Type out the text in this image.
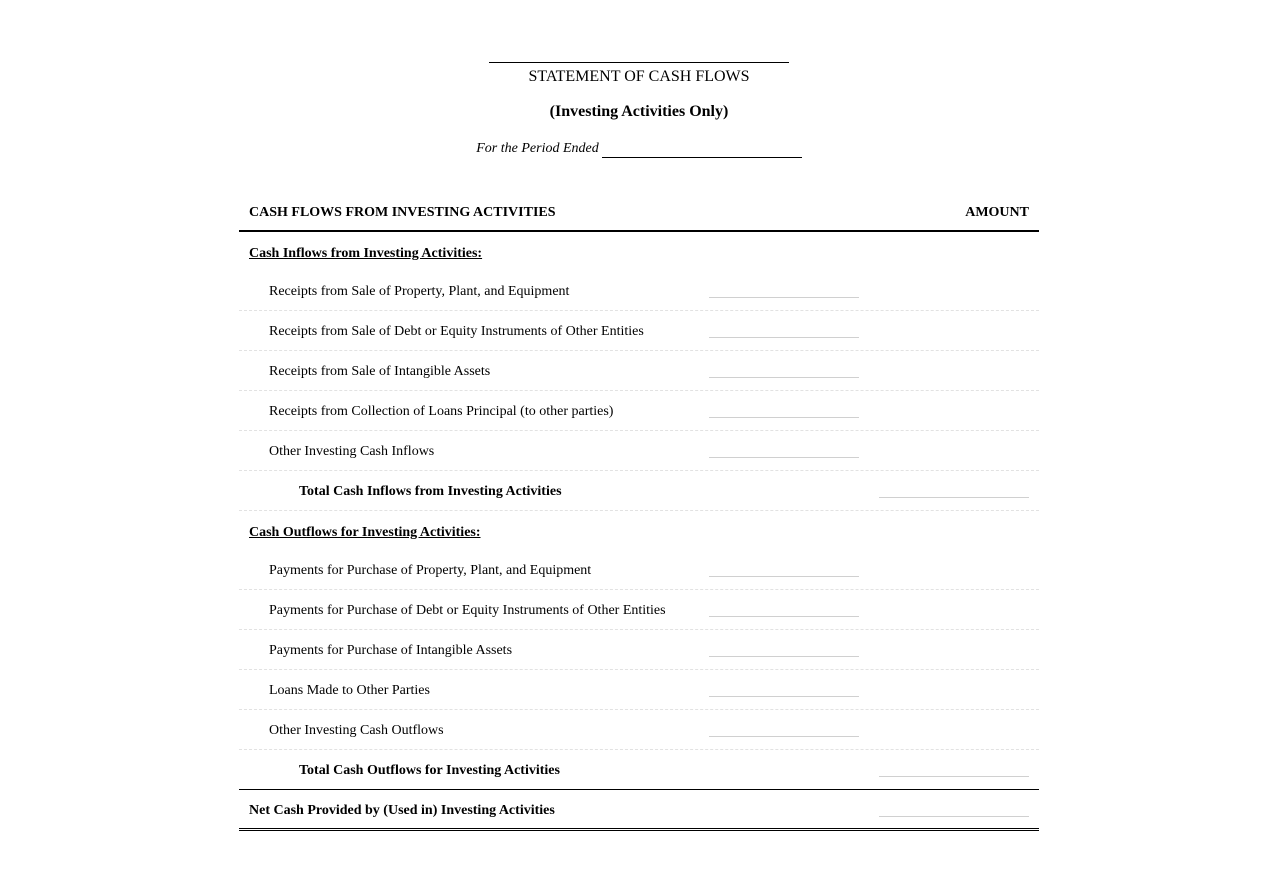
STATEMENT OF CASH FLOWS
(Investing Activities Only)
For the Period Ended
CASH FLOWS FROM INVESTING ACTIVITIES	AMOUNT
Cash Inflows from Investing Activities:
Receipts from Sale of Property, Plant, and Equipment
Receipts from Sale of Debt or Equity Instruments of Other Entities
Receipts from Sale of Intangible Assets
Receipts from Collection of Loans Principal (to other parties)
Other Investing Cash Inflows
Total Cash Inflows from Investing Activities
Cash Outflows for Investing Activities:
Payments for Purchase of Property, Plant, and Equipment
Payments for Purchase of Debt or Equity Instruments of Other Entities
Payments for Purchase of Intangible Assets
Loans Made to Other Parties
Other Investing Cash Outflows
Total Cash Outflows for Investing Activities
Net Cash Provided by (Used in) Investing Activities
